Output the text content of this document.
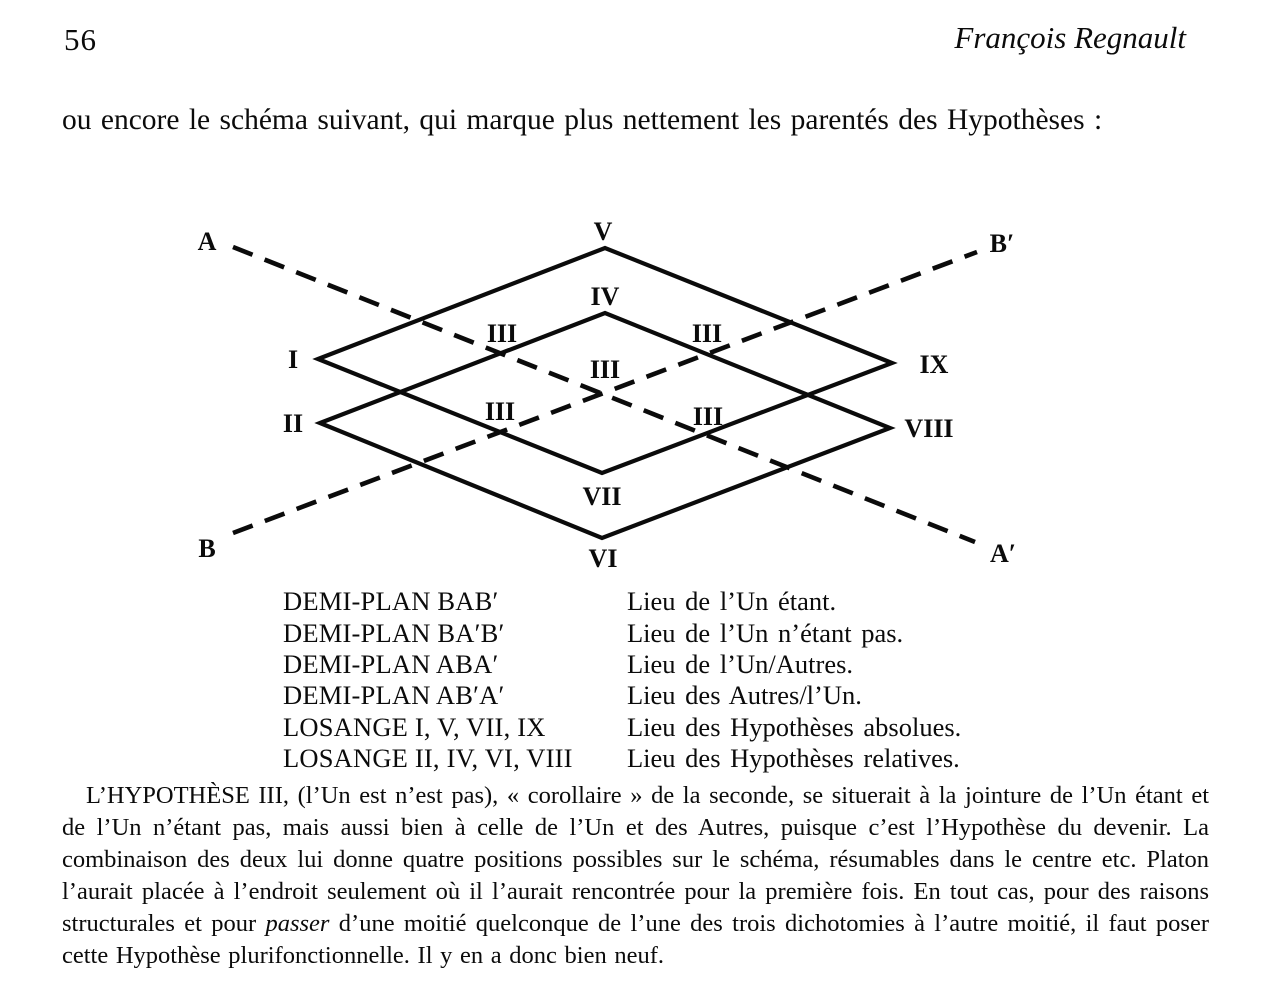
56	François Regnault
ou encore le schéma suivant, qui marque plus nettement les parentés des Hypothèses :
A	V	B′
IV
III	III
I	III	IX
II	III	III	VIII
VII
B	VI	A′
DEMI-PLAN BAB′	Lieu de l’Un étant.
DEMI-PLAN BA′B′	Lieu de l’Un n’étant pas.
DEMI-PLAN ABA′	Lieu de l’Un/Autres.
DEMI-PLAN AB′A′	Lieu des Autres/l’Un.
LOSANGE I, V, VII, IX	Lieu des Hypothèses absolues.
LOSANGE II, IV, VI, VIII	Lieu des Hypothèses relatives.
L’HYPOTHÈSE III, (l’Un est n’est pas), « corollaire » de la seconde, se situerait à la jointure de l’Un étant et de l’Un n’étant pas, mais aussi bien à celle de l’Un et des Autres, puisque c’est l’Hypothèse du devenir. La combinaison des deux lui donne quatre positions possibles sur le schéma, résumables dans le centre etc. Platon l’aurait placée à l’endroit seulement où il l’aurait rencontrée pour la première fois. En tout cas, pour des raisons structurales et pour passer d’une moitié quelconque de l’une des trois dichotomies à l’autre moitié, il faut poser cette Hypothèse plurifonctionnelle. Il y en a donc bien neuf.
